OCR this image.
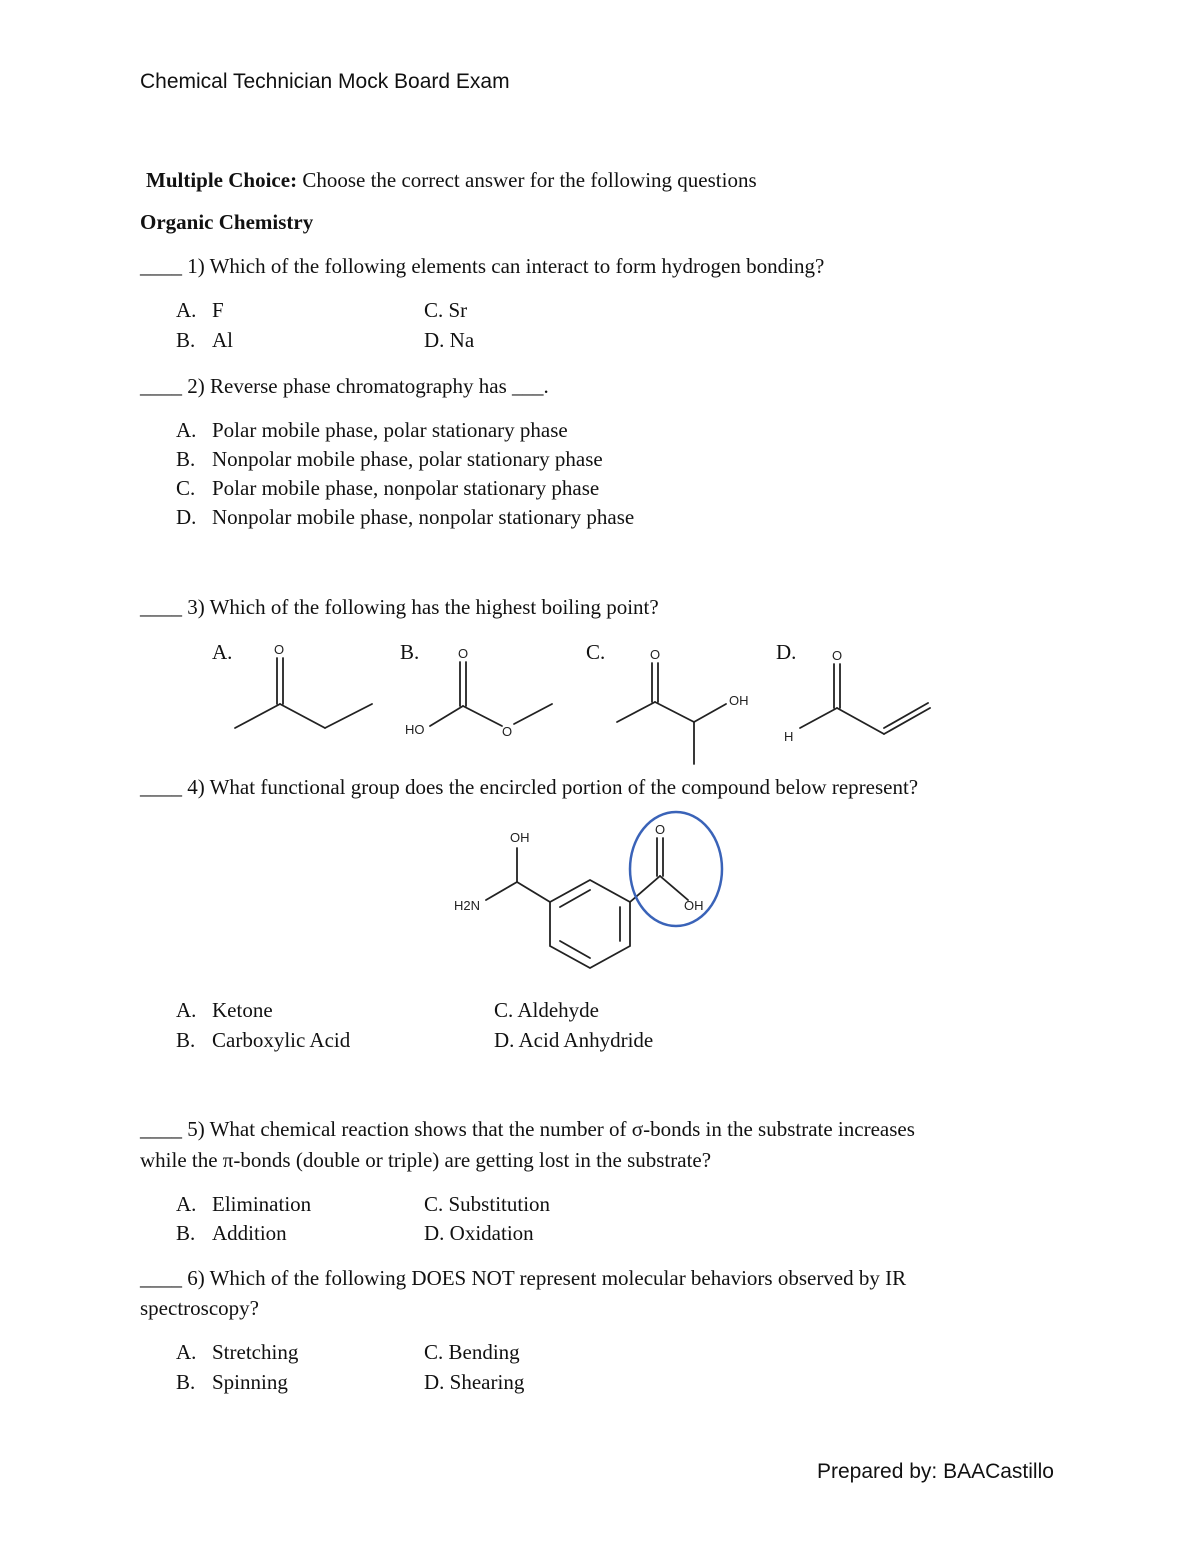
Chemical Technician Mock Board Exam
Multiple Choice: Choose the correct answer for the following questions
Organic Chemistry
____ 1) Which of the following elements can interact to form hydrogen bonding?
A. F
B. Al
C. Sr
D. Na
____ 2) Reverse phase chromatography has ___.
A. Polar mobile phase, polar stationary phase
B. Nonpolar mobile phase, polar stationary phase
C. Polar mobile phase, nonpolar stationary phase
D. Nonpolar mobile phase, nonpolar stationary phase
____ 3) Which of the following has the highest boiling point?
A.	B.	C.	D.
O	O
HO	O
O
OH
O
H
____ 4) What functional group does the encircled portion of the compound below represent?
OH
H2N
O
OH
A. Ketone
B. Carboxylic Acid
C. Aldehyde
D. Acid Anhydride
____ 5) What chemical reaction shows that the number of σ-bonds in the substrate increases
while the π-bonds (double or triple) are getting lost in the substrate?
A. Elimination
B. Addition
C. Substitution
D. Oxidation
____ 6) Which of the following DOES NOT represent molecular behaviors observed by IR
spectroscopy?
A. Stretching
B. Spinning
C. Bending
D. Shearing
Prepared by: BAACastillo
